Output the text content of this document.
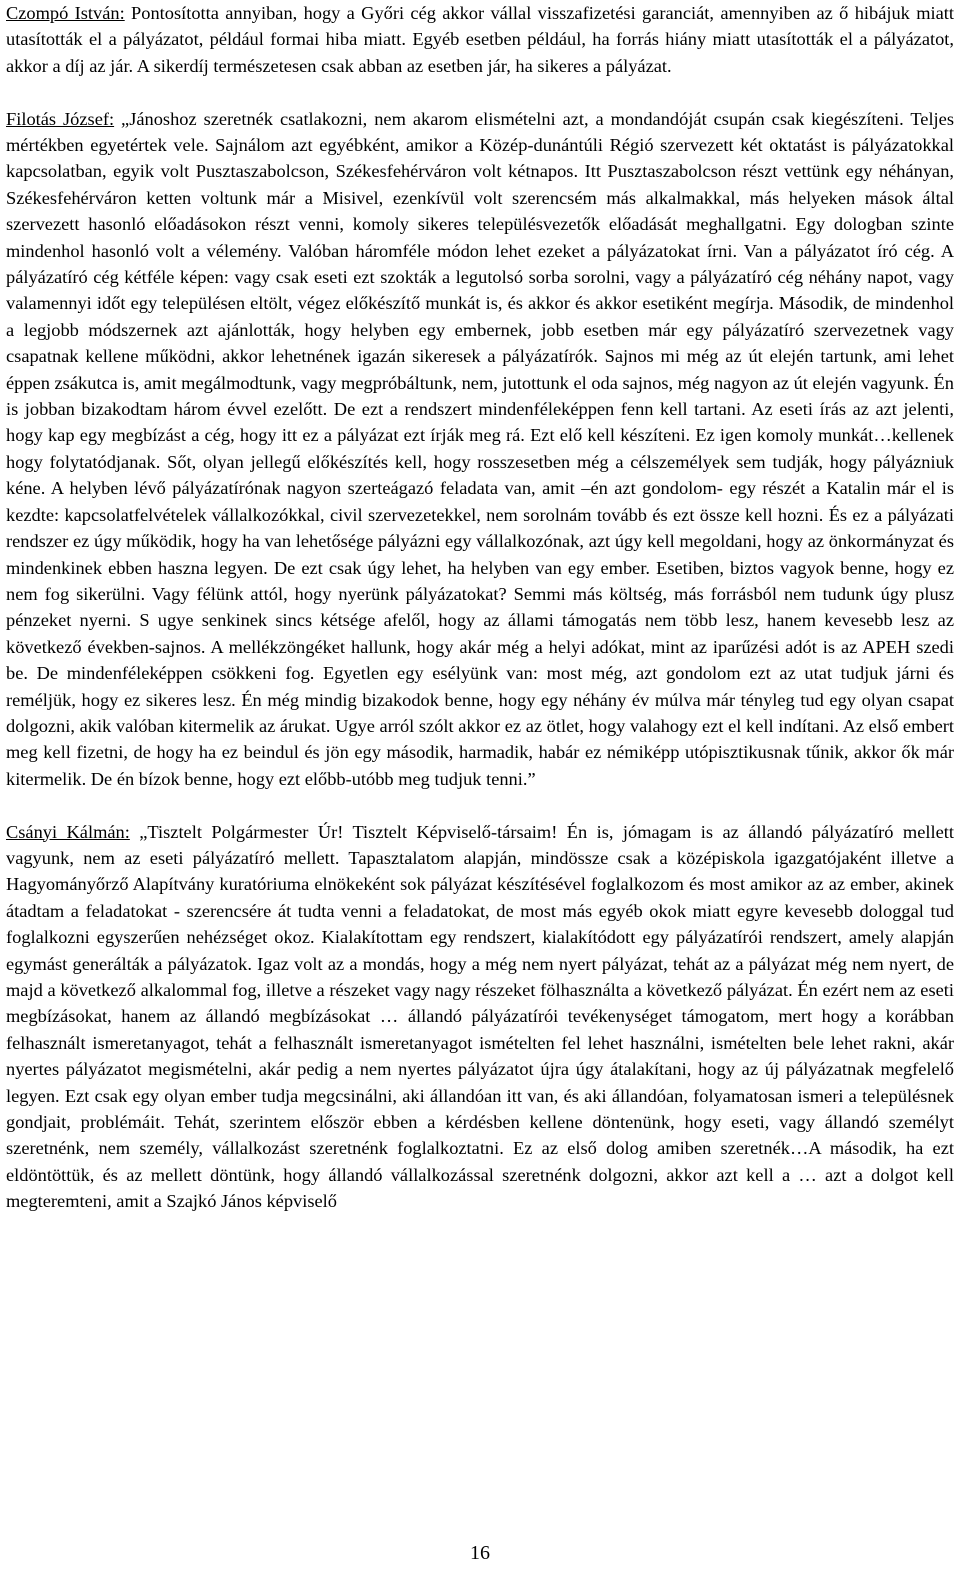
Czompó István: Pontosította annyiban, hogy a Győri cég akkor vállal visszafizetési garanciát, amennyiben az ő hibájuk miatt utasították el a pályázatot, például formai hiba miatt. Egyéb esetben például, ha forrás hiány miatt utasították el a pályázatot, akkor a díj az jár. A sikerdíj természetesen csak abban az esetben jár, ha sikeres a pályázat.

Filotás József: „Jánoshoz szeretnék csatlakozni, nem akarom elismételni azt, a mondandóját csupán csak kiegészíteni. Teljes mértékben egyetértek vele. Sajnálom azt egyébként, amikor a Közép-dunántúli Régió szervezett két oktatást is pályázatokkal kapcsolatban, egyik volt Pusztaszabolcson, Székesfehérváron volt kétnapos. Itt Pusztaszabolcson részt vettünk egy néhányan, Székesfehérváron ketten voltunk már a Misivel, ezenkívül volt szerencsém más alkalmakkal, más helyeken mások által szervezett hasonló előadásokon részt venni, komoly sikeres településvezetők előadását meghallgatni. Egy dologban szinte mindenhol hasonló volt a vélemény. Valóban háromféle módon lehet ezeket a pályázatokat írni. Van a pályázatot író cég. A pályázatíró cég kétféle képen: vagy csak eseti ezt szokták a legutolsó sorba sorolni, vagy a pályázatíró cég néhány napot, vagy valamennyi időt egy településen eltölt, végez előkészítő munkát is, és akkor és akkor esetiként megírja. Második, de mindenhol a legjobb módszernek azt ajánlották, hogy helyben egy embernek, jobb esetben már egy pályázatíró szervezetnek vagy csapatnak kellene működni, akkor lehetnének igazán sikeresek a pályázatírók. Sajnos mi még az út elején tartunk, ami lehet éppen zsákutca is, amit megálmodtunk, vagy megpróbáltunk, nem, jutottunk el oda sajnos, még nagyon az út elején vagyunk. Én is jobban bizakodtam három évvel ezelőtt. De ezt a rendszert mindenféleképpen fenn kell tartani. Az eseti írás az azt jelenti, hogy kap egy megbízást a cég, hogy itt ez a pályázat ezt írják meg rá. Ezt elő kell készíteni. Ez igen komoly munkát…kellenek hogy folytatódjanak. Sőt, olyan jellegű előkészítés kell, hogy rosszesetben még a célszemélyek sem tudják, hogy pályázniuk kéne. A helyben lévő pályázatírónak nagyon szerteágazó feladata van, amit –én azt gondolom- egy részét a Katalin már el is kezdte: kapcsolatfelvételek vállalkozókkal, civil szervezetekkel, nem sorolnám tovább és ezt össze kell hozni. És ez a pályázati rendszer ez úgy működik, hogy ha van lehetősége pályázni egy vállalkozónak, azt úgy kell megoldani, hogy az önkormányzat és mindenkinek ebben haszna legyen. De ezt csak úgy lehet, ha helyben van egy ember. Esetiben, biztos vagyok benne, hogy ez nem fog sikerülni. Vagy félünk attól, hogy nyerünk pályázatokat? Semmi más költség, más forrásból nem tudunk úgy plusz pénzeket nyerni. S ugye senkinek sincs kétsége afelől, hogy az állami támogatás nem több lesz, hanem kevesebb lesz az következő években-sajnos. A mellékzöngéket hallunk, hogy akár még a helyi adókat, mint az iparűzési adót is az APEH szedi be. De mindenféleképpen csökkeni fog. Egyetlen egy esélyünk van: most még, azt gondolom ezt az utat tudjuk járni és reméljük, hogy ez sikeres lesz. Én még mindig bizakodok benne, hogy egy néhány év múlva már tényleg tud egy olyan csapat dolgozni, akik valóban kitermelik az árukat. Ugye arról szólt akkor ez az ötlet, hogy valahogy ezt el kell indítani. Az első embert meg kell fizetni, de hogy ha ez beindul és jön egy második, harmadik, habár ez némiképp utópisztikusnak tűnik, akkor ők már kitermelik. De én bízok benne, hogy ezt előbb-utóbb meg tudjuk tenni.”

Csányi Kálmán: „Tisztelt Polgármester Úr! Tisztelt Képviselő-társaim! Én is, jómagam is az állandó pályázatíró mellett vagyunk, nem az eseti pályázatíró mellett. Tapasztalatom alapján, mindössze csak a középiskola igazgatójaként illetve a Hagyományőrző Alapítvány kuratóriuma elnökeként sok pályázat készítésével foglalkozom és most amikor az az ember, akinek átadtam a feladatokat - szerencsére át tudta venni a feladatokat, de most más egyéb okok miatt egyre kevesebb dologgal tud foglalkozni egyszerűen nehézséget okoz. Kialakítottam egy rendszert, kialakítódott egy pályázatírói rendszert, amely alapján egymást generálták a pályázatok. Igaz volt az a mondás, hogy a még nem nyert pályázat, tehát az a pályázat még nem nyert, de majd a következő alkalommal fog, illetve a részeket vagy nagy részeket fölhasználta a következő pályázat. Én ezért nem az eseti megbízásokat, hanem az állandó megbízásokat … állandó pályázatírói tevékenységet támogatom, mert hogy a korábban felhasznált ismeretanyagot, tehát a felhasznált ismeretanyagot ismételten fel lehet használni, ismételten bele lehet rakni, akár nyertes pályázatot megismételni, akár pedig a nem nyertes pályázatot újra úgy átalakítani, hogy az új pályázatnak megfelelő legyen. Ezt csak egy olyan ember tudja megcsinálni, aki állandóan itt van, és aki állandóan, folyamatosan ismeri a településnek gondjait, problémáit. Tehát, szerintem először ebben a kérdésben kellene döntenünk, hogy eseti, vagy állandó személyt szeretnénk, nem személy, vállalkozást szeretnénk foglalkoztatni. Ez az első dolog amiben szeretnék…A második, ha ezt eldöntöttük, és az mellett döntünk, hogy állandó vállalkozással szeretnénk dolgozni, akkor azt kell a … azt a dolgot kell megteremteni, amit a Szajkó János képviselő

16
